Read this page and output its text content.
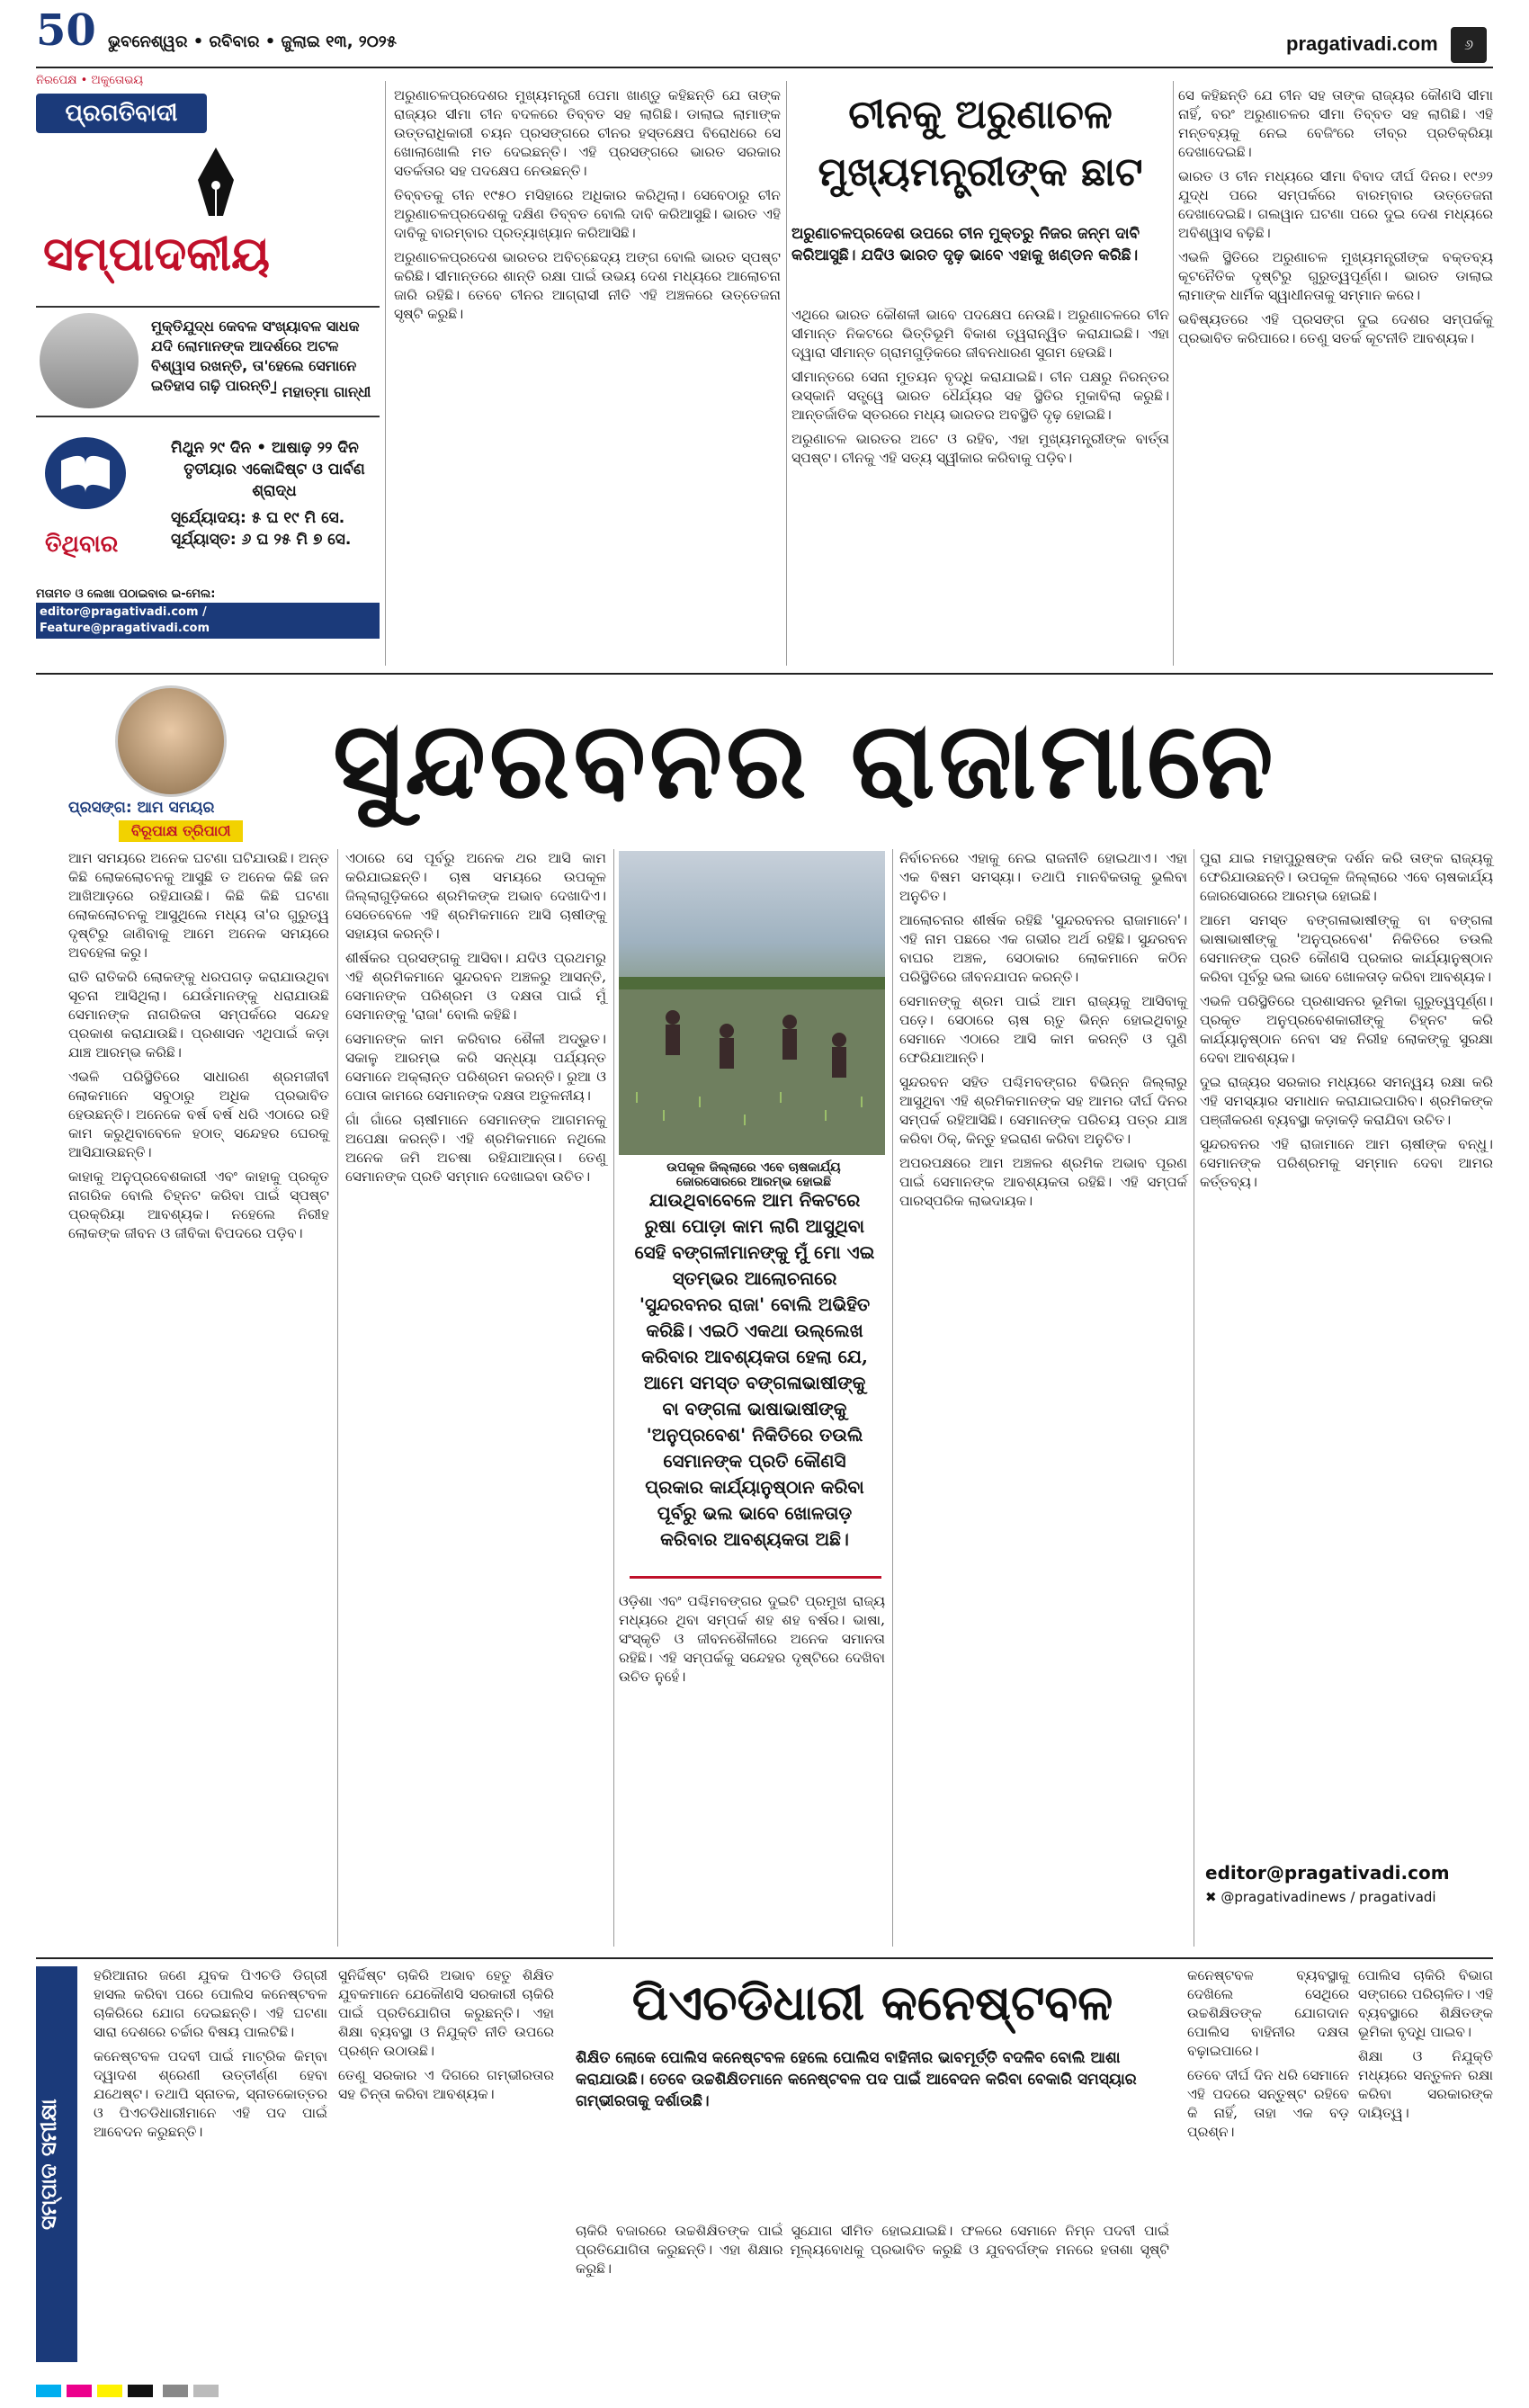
50 ଭୁବନେଶ୍ୱର • ରବିବାର • ଜୁଲାଇ ୧୩, ୨୦୨୫	pragativadi.com	୬
ନିରପେକ୍ଷ • ଅକୁତୋଭୟ
ପ୍ରଗତିବାଦୀ
ସମ୍ପାଦକୀୟ
ମୁକ୍ତିଯୁଦ୍ଧ କେବଳ ସଂଖ୍ୟାବଳ ସାଧକ ଯଦି ଲୋମାନଙ୍କ ଆଦର୍ଶରେ ଅଟଳ ବିଶ୍ୱାସ ରଖନ୍ତି, ତା'ହେଲେ ସେମାନେ ଇତିହାସ ଗଢ଼ି ପାରନ୍ତି।
– ମହାତ୍ମା ଗାନ୍ଧୀ
ତିଥିବାର
ମିଥୁନ ୨୯ ଦିନ • ଆଷାଢ଼ ୨୨ ଦିନ
ତୃତୀୟାର ଏକୋଦ୍ଦିଷ୍ଟ ଓ ପାର୍ବଣ ଶ୍ରାଦ୍ଧ
ସୂର୍ଯ୍ୟୋଦୟ: ୫ ଘ ୧୯ ମି ସେ.
ସୂର୍ଯ୍ୟାସ୍ତ: ୬ ଘ ୨୫ ମି ୭ ସେ.
ମତାମତ ଓ ଲେଖା ପଠାଇବାର ଇ-ମେଲ:
editor@pragativadi.com / Feature@pragativadi.com

ଅରୁଣାଚଳପ୍ରଦେଶର ମୁଖ୍ୟମନ୍ତ୍ରୀ ପେମା ଖାଣ୍ଡୁ କହିଛନ୍ତି ଯେ ତାଙ୍କ ରାଜ୍ୟର ସୀମା ଚୀନ ବଦଳରେ ତିବ୍ବତ ସହ ଲାଗିଛି। ଡାଲାଇ ଲାମାଙ୍କ ଉତ୍ତରାଧିକାରୀ ଚୟନ ପ୍ରସଙ୍ଗରେ ଚୀନର ହସ୍ତକ୍ଷେପ ବିରୋଧରେ ସେ ଖୋଲାଖୋଲି ମତ ଦେଇଛନ୍ତି। ଏହି ପ୍ରସଙ୍ଗରେ ଭାରତ ସରକାର ସତର୍କତାର ସହ ପଦକ୍ଷେପ ନେଉଛନ୍ତି।

ତିବ୍ବତକୁ ଚୀନ ୧୯୫୦ ମସିହାରେ ଅଧିକାର କରିଥିଲା। ସେବେଠାରୁ ଚୀନ ଅରୁଣାଚଳପ୍ରଦେଶକୁ ଦକ୍ଷିଣ ତିବ୍ବତ ବୋଲି ଦାବି କରିଆସୁଛି। ଭାରତ ଏହି ଦାବିକୁ ବାରମ୍ବାର ପ୍ରତ୍ୟାଖ୍ୟାନ କରିଆସିଛି।

ଅରୁଣାଚଳପ୍ରଦେଶ ଭାରତର ଅବିଚ୍ଛେଦ୍ୟ ଅଙ୍ଗ ବୋଲି ଭାରତ ସ୍ପଷ୍ଟ କରିଛି। ସୀମାନ୍ତରେ ଶାନ୍ତି ରକ୍ଷା ପାଇଁ ଉଭୟ ଦେଶ ମଧ୍ୟରେ ଆଲୋଚନା ଜାରି ରହିଛି। ତେବେ ଚୀନର ଆଗ୍ରାସୀ ନୀତି ଏହି ଅଞ୍ଚଳରେ ଉତ୍ତେଜନା ସୃଷ୍ଟି କରୁଛି।

ଚୀନକୁ ଅରୁଣାଚଳ
ମୁଖ୍ୟମନ୍ତ୍ରୀଙ୍କ ଛାଟ
ଅରୁଣାଚଳପ୍ରଦେଶ ଉପରେ ଚୀନ ମୁକ୍ତରୁ ନିଜର ଜନ୍ମ ଦାବି କରିଆସୁଛି। ଯଦିଓ ଭାରତ ଦୃଢ଼ ଭାବେ ଏହାକୁ ଖଣ୍ଡନ କରିଛି।

ଏଥିରେ ଭାରତ କୌଶଳୀ ଭାବେ ପଦକ୍ଷେପ ନେଉଛି। ଅରୁଣାଚଳରେ ଚୀନ ସୀମାନ୍ତ ନିକଟରେ ଭିତ୍ତିଭୂମି ବିକାଶ ତ୍ୱରାନ୍ୱିତ କରାଯାଇଛି। ଏହା ଦ୍ୱାରା ସୀମାନ୍ତ ଗ୍ରାମଗୁଡ଼ିକରେ ଜୀବନଧାରଣ ସୁଗମ ହେଉଛି।

ସୀମାନ୍ତରେ ସେନା ମୁତୟନ ବୃଦ୍ଧି କରାଯାଇଛି। ଚୀନ ପକ୍ଷରୁ ନିରନ୍ତର ଉସ୍କାନି ସତ୍ତ୍ୱେ ଭାରତ ଧୈର୍ଯ୍ୟର ସହ ସ୍ଥିତିର ମୁକାବିଲା କରୁଛି। ଆନ୍ତର୍ଜାତିକ ସ୍ତରରେ ମଧ୍ୟ ଭାରତର ଅବସ୍ଥିତି ଦୃଢ଼ ହୋଇଛି।

ଅରୁଣାଚଳ ଭାରତର ଅଟେ ଓ ରହିବ, ଏହା ମୁଖ୍ୟମନ୍ତ୍ରୀଙ୍କ ବାର୍ତ୍ତା ସ୍ପଷ୍ଟ। ଚୀନକୁ ଏହି ସତ୍ୟ ସ୍ୱୀକାର କରିବାକୁ ପଡ଼ିବ।

ସେ କହିଛନ୍ତି ଯେ ଚୀନ ସହ ତାଙ୍କ ରାଜ୍ୟର କୌଣସି ସୀମା ନାହିଁ, ବରଂ ଅରୁଣାଚଳର ସୀମା ତିବ୍ବତ ସହ ଲାଗିଛି। ଏହି ମନ୍ତବ୍ୟକୁ ନେଇ ବେଜିଂରେ ତୀବ୍ର ପ୍ରତିକ୍ରିୟା ଦେଖାଦେଇଛି।

ଭାରତ ଓ ଚୀନ ମଧ୍ୟରେ ସୀମା ବିବାଦ ଦୀର୍ଘ ଦିନର। ୧୯୬୨ ଯୁଦ୍ଧ ପରେ ସମ୍ପର୍କରେ ବାରମ୍ବାର ଉତ୍ତେଜନା ଦେଖାଦେଇଛି। ଗଲୱାନ ଘଟଣା ପରେ ଦୁଇ ଦେଶ ମଧ୍ୟରେ ଅବିଶ୍ୱାସ ବଢ଼ିଛି।

ଏଭଳି ସ୍ଥିତିରେ ଅରୁଣାଚଳ ମୁଖ୍ୟମନ୍ତ୍ରୀଙ୍କ ବକ୍ତବ୍ୟ କୂଟନୈତିକ ଦୃଷ୍ଟିରୁ ଗୁରୁତ୍ୱପୂର୍ଣ୍ଣ। ଭାରତ ଡାଲାଇ ଲାମାଙ୍କ ଧାର୍ମିକ ସ୍ୱାଧୀନତାକୁ ସମ୍ମାନ କରେ।

ଭବିଷ୍ୟତରେ ଏହି ପ୍ରସଙ୍ଗ ଦୁଇ ଦେଶର ସମ୍ପର୍କକୁ ପ୍ରଭାବିତ କରିପାରେ। ତେଣୁ ସତର୍କ କୂଟନୀତି ଆବଶ୍ୟକ।

ପ୍ରସଙ୍ଗ: ଆମ ସମୟର
ବିରୂପାକ୍ଷ ତ୍ରିପାଠୀ
ସୁନ୍ଦରବନର ରାଜାମାନେ

ଆମ ସମୟରେ ଅନେକ ଘଟଣା ଘଟିଯାଉଛି। ଅନ୍ତ କିଛି ଲୋକଲୋଚନକୁ ଆସୁଛି ତ ଅନେକ କିଛି ଜନ ଆଖିଆଡ଼ରେ ରହିଯାଉଛି। କିଛି କିଛି ଘଟଣା ଲୋକଲୋଚନକୁ ଆସୁଥିଲେ ମଧ୍ୟ ତା'ର ଗୁରୁତ୍ୱ ଦୃଷ୍ଟିରୁ ଜାଣିବାକୁ ଆମେ ଅନେକ ସମୟରେ ଅବହେଳା କରୁ।

ରାତି ରାତିକରି ଲୋକଙ୍କୁ ଧରପଗଡ଼ କରାଯାଉଥିବା ସୂଚନା ଆସିଥିଲା। ଯେଉଁମାନଙ୍କୁ ଧରାଯାଉଛି ସେମାନଙ୍କ ନାଗରିକତା ସମ୍ପର୍କରେ ସନ୍ଦେହ ପ୍ରକାଶ କରାଯାଉଛି। ପ୍ରଶାସନ ଏଥିପାଇଁ କଡ଼ା ଯାଞ୍ଚ ଆରମ୍ଭ କରିଛି।

ଏଭଳି ପରିସ୍ଥିତିରେ ସାଧାରଣ ଶ୍ରମଜୀବୀ ଲୋକମାନେ ସବୁଠାରୁ ଅଧିକ ପ୍ରଭାବିତ ହେଉଛନ୍ତି। ଅନେକେ ବର୍ଷ ବର୍ଷ ଧରି ଏଠାରେ ରହି କାମ କରୁଥିବାବେଳେ ହଠାତ୍ ସନ୍ଦେହର ଘେରକୁ ଆସିଯାଉଛନ୍ତି।

କାହାକୁ ଅନୁପ୍ରବେଶକାରୀ ଏବଂ କାହାକୁ ପ୍ରକୃତ ନାଗରିକ ବୋଲି ଚିହ୍ନଟ କରିବା ପାଇଁ ସ୍ପଷ୍ଟ ପ୍ରକ୍ରିୟା ଆବଶ୍ୟକ। ନହେଲେ ନିରୀହ ଲୋକଙ୍କ ଜୀବନ ଓ ଜୀବିକା ବିପଦରେ ପଡ଼ିବ।

ଏଠାରେ ସେ ପୂର୍ବରୁ ଅନେକ ଥର ଆସି କାମ କରିଯାଇଛନ୍ତି। ଚାଷ ସମୟରେ ଉପକୂଳ ଜିଲ୍ଲାଗୁଡ଼ିକରେ ଶ୍ରମିକଙ୍କ ଅଭାବ ଦେଖାଦିଏ। ସେତେବେଳେ ଏହି ଶ୍ରମିକମାନେ ଆସି ଚାଷୀଙ୍କୁ ସହାୟତା କରନ୍ତି।

ଶୀର୍ଷକର ପ୍ରସଙ୍ଗକୁ ଆସିବା। ଯଦିଓ ପ୍ରଥମରୁ ଏହି ଶ୍ରମିକମାନେ ସୁନ୍ଦରବନ ଅଞ୍ଚଳରୁ ଆସନ୍ତି, ସେମାନଙ୍କ ପରିଶ୍ରମ ଓ ଦକ୍ଷତା ପାଇଁ ମୁଁ ସେମାନଙ୍କୁ 'ରାଜା' ବୋଲି କହିଛି।

ସେମାନଙ୍କ କାମ କରିବାର ଶୈଳୀ ଅଦ୍ଭୁତ। ସକାଳୁ ଆରମ୍ଭ କରି ସନ୍ଧ୍ୟା ପର୍ଯ୍ୟନ୍ତ ସେମାନେ ଅକ୍ଲାନ୍ତ ପରିଶ୍ରମ କରନ୍ତି। ରୁଆ ଓ ପୋତା କାମରେ ସେମାନଙ୍କ ଦକ୍ଷତା ଅତୁଳନୀୟ।

ଗାଁ ଗାଁରେ ଚାଷୀମାନେ ସେମାନଙ୍କ ଆଗମନକୁ ଅପେକ୍ଷା କରନ୍ତି। ଏହି ଶ୍ରମିକମାନେ ନଥିଲେ ଅନେକ ଜମି ଅଚଷା ରହିଯାଆନ୍ତା। ତେଣୁ ସେମାନଙ୍କ ପ୍ରତି ସମ୍ମାନ ଦେଖାଇବା ଉଚିତ।

ଉପକୂଳ ଜିଲ୍ଲାରେ ଏବେ ଚାଷକାର୍ଯ୍ୟ ଜୋରସୋରରେ ଆରମ୍ଭ ହୋଇଛି
ଯାଉଥିବାବେଳେ ଆମ ନିକଟରେ ରୁଷା ପୋଡ଼ା କାମ ଲାଗି ଆସୁଥିବା ସେହି ବଙ୍ଗଳୀମାନଙ୍କୁ ମୁଁ ମୋ ଏଇ ସ୍ତମ୍ଭର ଆଲୋଚନାରେ 'ସୁନ୍ଦରବନର ରାଜା' ବୋଲି ଅଭିହିତ କରିଛି। ଏଇଠି ଏକଥା ଉଲ୍ଲେଖ କରିବାର ଆବଶ୍ୟକତା ହେଲା ଯେ, ଆମେ ସମସ୍ତ ବଙ୍ଗଳାଭାଷୀଙ୍କୁ ବା ବଙ୍ଗଳା ଭାଷାଭାଷୀଙ୍କୁ 'ଅନୁପ୍ରବେଶ' ନିକିତିରେ ତଉଲି ସେମାନଙ୍କ ପ୍ରତି କୌଣସି ପ୍ରକାର କାର୍ଯ୍ୟାନୁଷ୍ଠାନ କରିବା ପୂର୍ବରୁ ଭଲ ଭାବେ ଖୋଳତାଡ଼ କରିବାର ଆବଶ୍ୟକତା ଅଛି।

ଓଡ଼ିଶା ଏବଂ ପଶ୍ଚିମବଙ୍ଗର ଦୁଇଟି ପ୍ରମୁଖ ରାଜ୍ୟ ମଧ୍ୟରେ ଥିବା ସମ୍ପର୍କ ଶହ ଶହ ବର୍ଷର। ଭାଷା, ସଂସ୍କୃତି ଓ ଜୀବନଶୈଳୀରେ ଅନେକ ସମାନତା ରହିଛି। ଏହି ସମ୍ପର୍କକୁ ସନ୍ଦେହର ଦୃଷ୍ଟିରେ ଦେଖିବା ଉଚିତ ନୁହେଁ।

ନିର୍ବାଚନରେ ଏହାକୁ ନେଇ ରାଜନୀତି ହୋଇଥାଏ। ଏହା ଏକ ବିଷମ ସମସ୍ୟା। ତଥାପି ମାନବିକତାକୁ ଭୁଲିବା ଅନୁଚିତ।

ଆଲୋଚନାର ଶୀର୍ଷକ ରହିଛି 'ସୁନ୍ଦରବନର ରାଜାମାନେ'। ଏହି ନାମ ପଛରେ ଏକ ଗଭୀର ଅର୍ଥ ରହିଛି। ସୁନ୍ଦରବନ ବାଘର ଅଞ୍ଚଳ, ସେଠାକାର ଲୋକମାନେ କଠିନ ପରିସ୍ଥିତିରେ ଜୀବନଯାପନ କରନ୍ତି।

ସେମାନଙ୍କୁ ଶ୍ରମ ପାଇଁ ଆମ ରାଜ୍ୟକୁ ଆସିବାକୁ ପଡ଼େ। ସେଠାରେ ଚାଷ ଋତୁ ଭିନ୍ନ ହୋଇଥିବାରୁ ସେମାନେ ଏଠାରେ ଆସି କାମ କରନ୍ତି ଓ ପୁଣି ଫେରିଯାଆନ୍ତି।

ସୁନ୍ଦରବନ ସହିତ ପଶ୍ଚିମବଙ୍ଗର ବିଭିନ୍ନ ଜିଲ୍ଲାରୁ ଆସୁଥିବା ଏହି ଶ୍ରମିକମାନଙ୍କ ସହ ଆମର ଦୀର୍ଘ ଦିନର ସମ୍ପର୍କ ରହିଆସିଛି। ସେମାନଙ୍କ ପରିଚୟ ପତ୍ର ଯାଞ୍ଚ କରିବା ଠିକ୍, କିନ୍ତୁ ହଇରାଣ କରିବା ଅନୁଚିତ।

ଅପରପକ୍ଷରେ ଆମ ଅଞ୍ଚଳର ଶ୍ରମିକ ଅଭାବ ପୂରଣ ପାଇଁ ସେମାନଙ୍କ ଆବଶ୍ୟକତା ରହିଛି। ଏହି ସମ୍ପର୍କ ପାରସ୍ପରିକ ଲାଭଦାୟକ।

ପୁରା ଯାଇ ମହାପୁରୁଷଙ୍କ ଦର୍ଶନ କରି ତାଙ୍କ ରାଜ୍ୟକୁ ଫେରିଯାଉଛନ୍ତି। ଉପକୂଳ ଜିଲ୍ଲାରେ ଏବେ ଚାଷକାର୍ଯ୍ୟ ଜୋରସୋରରେ ଆରମ୍ଭ ହୋଇଛି।

ଆମେ ସମସ୍ତ ବଙ୍ଗଳାଭାଷୀଙ୍କୁ ବା ବଙ୍ଗଳା ଭାଷାଭାଷୀଙ୍କୁ 'ଅନୁପ୍ରବେଶ' ନିକିତିରେ ତଉଲି ସେମାନଙ୍କ ପ୍ରତି କୌଣସି ପ୍ରକାର କାର୍ଯ୍ୟାନୁଷ୍ଠାନ କରିବା ପୂର୍ବରୁ ଭଲ ଭାବେ ଖୋଳତାଡ଼ କରିବା ଆବଶ୍ୟକ।

ଏଭଳି ପରିସ୍ଥିତିରେ ପ୍ରଶାସନର ଭୂମିକା ଗୁରୁତ୍ୱପୂର୍ଣ୍ଣ। ପ୍ରକୃତ ଅନୁପ୍ରବେଶକାରୀଙ୍କୁ ଚିହ୍ନଟ କରି କାର୍ଯ୍ୟାନୁଷ୍ଠାନ ନେବା ସହ ନିରୀହ ଲୋକଙ୍କୁ ସୁରକ୍ଷା ଦେବା ଆବଶ୍ୟକ।

ଦୁଇ ରାଜ୍ୟର ସରକାର ମଧ୍ୟରେ ସମନ୍ୱୟ ରକ୍ଷା କରି ଏହି ସମସ୍ୟାର ସମାଧାନ କରାଯାଇପାରିବ। ଶ୍ରମିକଙ୍କ ପଞ୍ଜୀକରଣ ବ୍ୟବସ୍ଥା କଡ଼ାକଡ଼ି କରାଯିବା ଉଚିତ।

ସୁନ୍ଦରବନର ଏହି ରାଜାମାନେ ଆମ ଚାଷୀଙ୍କ ବନ୍ଧୁ। ସେମାନଙ୍କ ପରିଶ୍ରମକୁ ସମ୍ମାନ ଦେବା ଆମର କର୍ତ୍ତବ୍ୟ।

editor@pragativadi.com
✖ @pragativadinews / pragativadi
ସମ୍ପାଦ ସମୀକ୍ଷା

ହରିଆନାର ଜଣେ ଯୁବକ ପିଏଚଡି ଡିଗ୍ରୀ ହାସଲ କରିବା ପରେ ପୋଲିସ କନେଷ୍ଟବଳ ଚାକିରିରେ ଯୋଗ ଦେଇଛନ୍ତି। ଏହି ଘଟଣା ସାରା ଦେଶରେ ଚର୍ଚ୍ଚାର ବିଷୟ ପାଲଟିଛି।

କନେଷ୍ଟବଳ ପଦବୀ ପାଇଁ ମାଟ୍ରିକ କିମ୍ବା ଦ୍ୱାଦଶ ଶ୍ରେଣୀ ଉତ୍ତୀର୍ଣ୍ଣ ହେବା ଯଥେଷ୍ଟ। ତଥାପି ସ୍ନାତକ, ସ୍ନାତକୋତ୍ତର ଓ ପିଏଚଡିଧାରୀମାନେ ଏହି ପଦ ପାଇଁ ଆବେଦନ କରୁଛନ୍ତି।

ସୁନିର୍ଦ୍ଦିଷ୍ଟ ଚାକିରି ଅଭାବ ହେତୁ ଶିକ୍ଷିତ ଯୁବକମାନେ ଯେକୌଣସି ସରକାରୀ ଚାକିରି ପାଇଁ ପ୍ରତିଯୋଗିତା କରୁଛନ୍ତି। ଏହା ଶିକ୍ଷା ବ୍ୟବସ୍ଥା ଓ ନିଯୁକ୍ତି ନୀତି ଉପରେ ପ୍ରଶ୍ନ ଉଠାଉଛି।

ତେଣୁ ସରକାର ଏ ଦିଗରେ ଗମ୍ଭୀରତାର ସହ ଚିନ୍ତା କରିବା ଆବଶ୍ୟକ।

ପିଏଚଡିଧାରୀ କନେଷ୍ଟବଳ
ଶିକ୍ଷିତ ଲୋକେ ପୋଲିସ କନେଷ୍ଟବଳ ହେଲେ ପୋଲିସ ବାହିନୀର ଭାବମୂର୍ତ୍ତି ବଦଳିବ ବୋଲି ଆଶା କରାଯାଉଛି। ତେବେ ଉଚ୍ଚଶିକ୍ଷିତମାନେ କନେଷ୍ଟବଳ ପଦ ପାଇଁ ଆବେଦନ କରିବା ବେକାରି ସମସ୍ୟାର ଗମ୍ଭୀରତାକୁ ଦର୍ଶାଉଛି।

ଚାକିରି ବଜାରରେ ଉଚ୍ଚଶିକ୍ଷିତଙ୍କ ପାଇଁ ସୁଯୋଗ ସୀମିତ ହୋଇଯାଇଛି। ଫଳରେ ସେମାନେ ନିମ୍ନ ପଦବୀ ପାଇଁ ପ୍ରତିଯୋଗିତା କରୁଛନ୍ତି। ଏହା ଶିକ୍ଷାର ମୂଲ୍ୟବୋଧକୁ ପ୍ରଭାବିତ କରୁଛି ଓ ଯୁବବର୍ଗଙ୍କ ମନରେ ହତାଶା ସୃଷ୍ଟି କରୁଛି।

କନେଷ୍ଟବଳ ବ୍ୟବସ୍ଥାକୁ ଦେଖିଲେ ସେଥିରେ ଉଚ୍ଚଶିକ୍ଷିତଙ୍କ ଯୋଗଦାନ ପୋଲିସ ବାହିନୀର ଦକ୍ଷତା ବଢ଼ାଇପାରେ।

ତେବେ ଦୀର୍ଘ ଦିନ ଧରି ସେମାନେ ଏହି ପଦରେ ସନ୍ତୁଷ୍ଟ ରହିବେ କି ନାହିଁ, ତାହା ଏକ ବଡ଼ ପ୍ରଶ୍ନ।

ପୋଲିସ ଚାକିରି ବିଭାଗ ସଙ୍ଗରେ ପରିଚାଳିତ। ଏହି ବ୍ୟବସ୍ଥାରେ ଶିକ୍ଷିତଙ୍କ ଭୂମିକା ବୃଦ୍ଧି ପାଇବ।

ଶିକ୍ଷା ଓ ନିଯୁକ୍ତି ମଧ୍ୟରେ ସନ୍ତୁଳନ ରକ୍ଷା କରିବା ସରକାରଙ୍କ ଦାୟିତ୍ୱ।
